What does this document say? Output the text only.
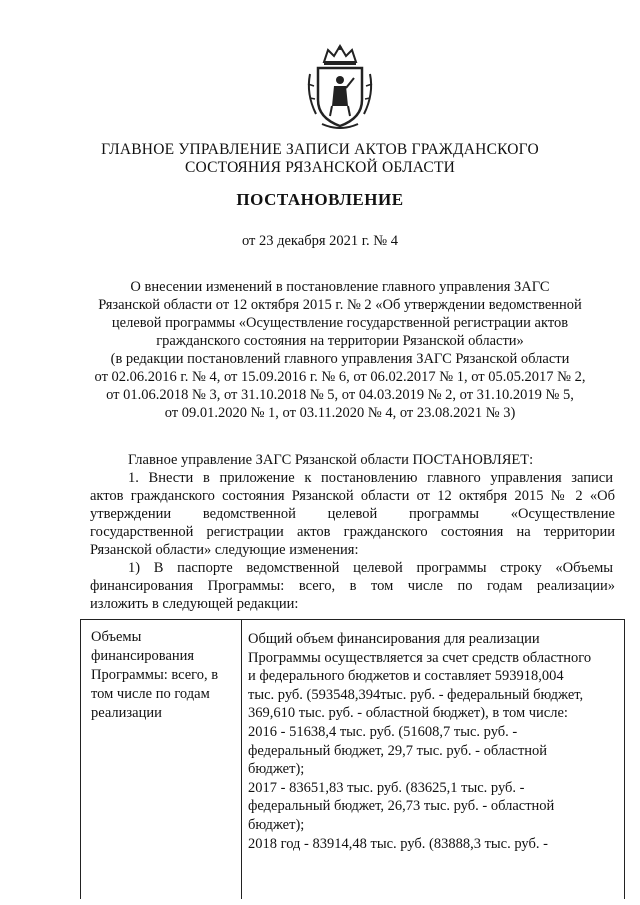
ГЛАВНОЕ УПРАВЛЕНИЕ ЗАПИСИ АКТОВ ГРАЖДАНСКОГО
СОСТОЯНИЯ РЯЗАНСКОЙ ОБЛАСТИ
ПОСТАНОВЛЕНИЕ
от 23 декабря 2021 г. № 4
О внесении изменений в постановление главного управления ЗАГС
Рязанской области от 12 октября 2015 г. № 2 «Об утверждении ведомственной
целевой программы «Осуществление государственной регистрации актов
гражданского состояния на территории Рязанской области»
(в редакции постановлений главного управления ЗАГС Рязанской области
от 02.06.2016 г. № 4, от 15.09.2016 г. № 6, от 06.02.2017 № 1, от 05.05.2017 № 2,
от 01.06.2018 № 3, от 31.10.2018 № 5, от 04.03.2019 № 2, от 31.10.2019 № 5,
от 09.01.2020 № 1, от 03.11.2020 № 4, от 23.08.2021 № 3)
Главное управление ЗАГС Рязанской области ПОСТАНОВЛЯЕТ:
1. Внести в приложение к постановлению главного управления записи
актов гражданского состояния Рязанской области от 12 октября 2015 № 2 «Об
утверждении ведомственной целевой программы «Осуществление
государственной регистрации актов гражданского состояния на территории
Рязанской области» следующие изменения:
1) В паспорте ведомственной целевой программы строку «Объемы
финансирования Программы: всего, в том числе по годам реализации»
изложить в следующей редакции:
Объемы
финансирования
Программы: всего, в
том числе по годам
реализации
Общий объем финансирования для реализации
Программы осуществляется за счет средств областного
и федерального бюджетов и составляет 593918,004
тыс. руб. (593548,394тыс. руб. - федеральный бюджет,
369,610 тыс. руб. - областной бюджет), в том числе:
2016 - 51638,4 тыс. руб. (51608,7 тыс. руб. -
федеральный бюджет, 29,7 тыс. руб. - областной
бюджет);
2017 - 83651,83 тыс. руб. (83625,1 тыс. руб. -
федеральный бюджет, 26,73 тыс. руб. - областной
бюджет);
2018 год - 83914,48 тыс. руб. (83888,3 тыс. руб. -
